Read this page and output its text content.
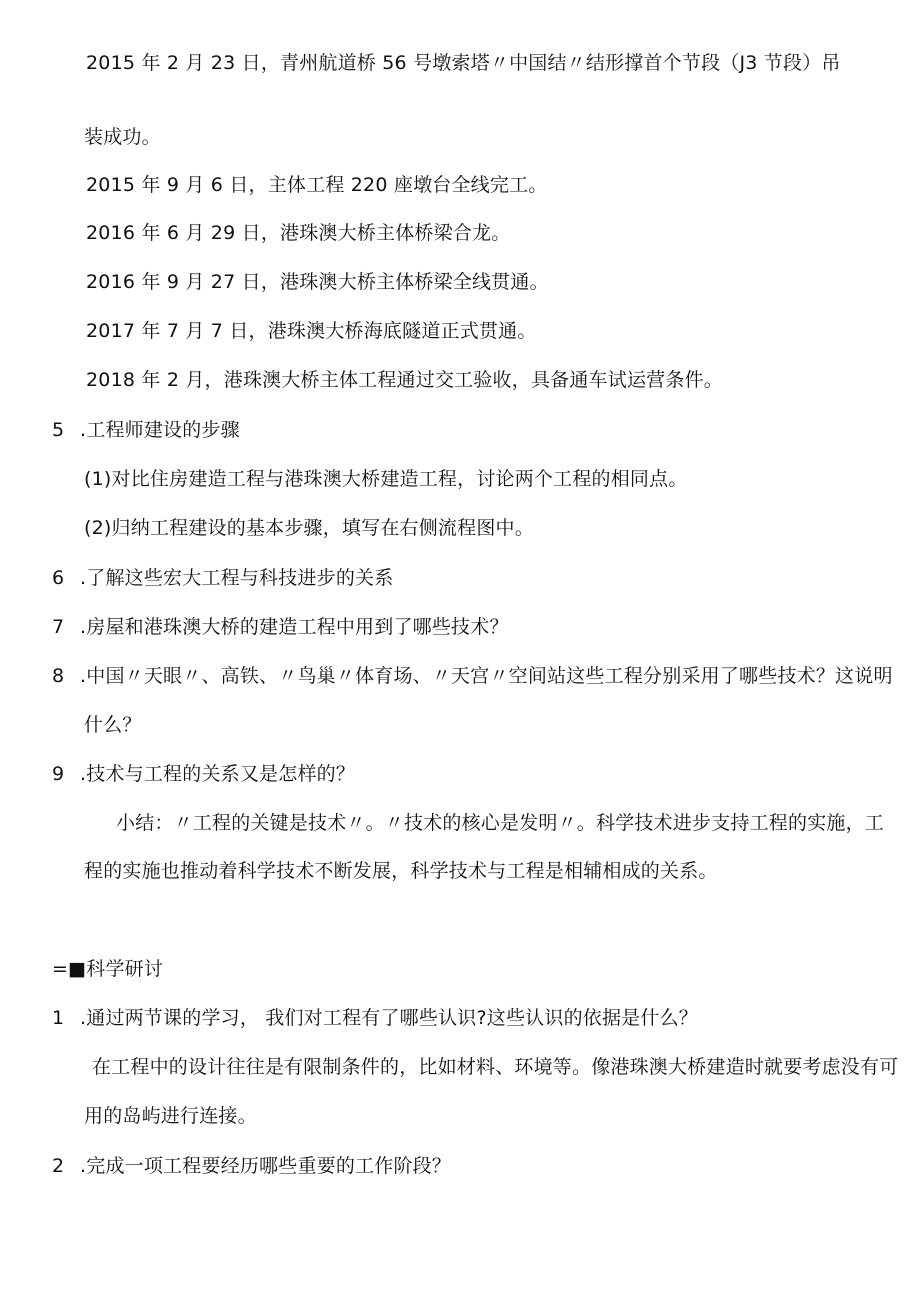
2015 年 2 月 23 日，青州航道桥 56 号墩索塔〃中国结〃结形撑首个节段（J3 节段）吊
装成功。
2015 年 9 月 6 日，主体工程 220 座墩台全线完工。
2016 年 6 月 29 日，港珠澳大桥主体桥梁合龙。
2016 年 9 月 27 日，港珠澳大桥主体桥梁全线贯通。
2017 年 7 月 7 日，港珠澳大桥海底隧道正式贯通。
2018 年 2 月，港珠澳大桥主体工程通过交工验收，具备通车试运营条件。
5 .工程师建设的步骤
(1)对比住房建造工程与港珠澳大桥建造工程，讨论两个工程的相同点。
(2)归纳工程建设的基本步骤，填写在右侧流程图中。
6 .了解这些宏大工程与科技进步的关系
7 .房屋和港珠澳大桥的建造工程中用到了哪些技术？
8 .中国〃天眼〃、高铁、〃鸟巢〃体育场、〃天宫〃空间站这些工程分别采用了哪些技术？这说明
什么？
9 .技术与工程的关系又是怎样的？
小结：〃工程的关键是技术〃。〃技术的核心是发明〃。科学技术进步支持工程的实施，工
程的实施也推动着科学技术不断发展，科学技术与工程是相辅相成的关系。
=■科学研讨
1 .通过两节课的学习， 我们对工程有了哪些认识?这些认识的依据是什么？
在工程中的设计往往是有限制条件的，比如材料、环境等。像港珠澳大桥建造时就要考虑没有可
用的岛屿进行连接。
2 .完成一项工程要经历哪些重要的工作阶段？
